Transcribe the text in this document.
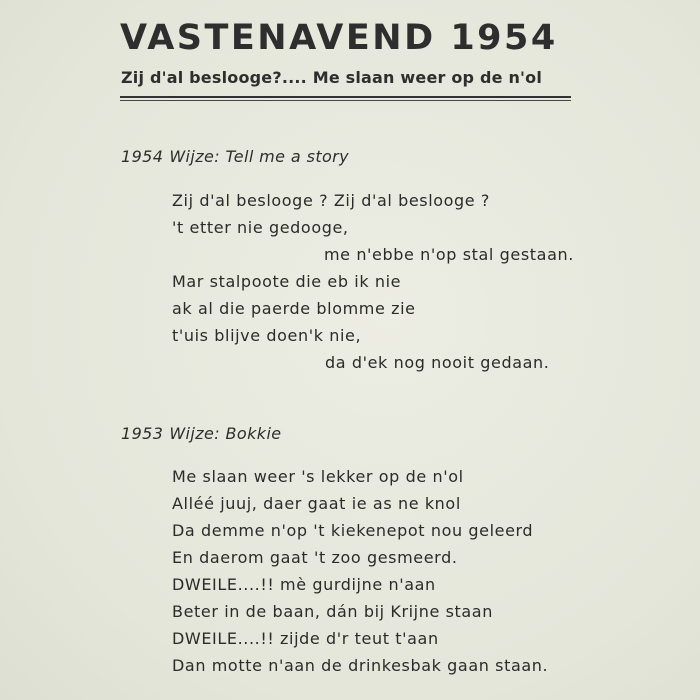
VASTENAVEND 1954
Zij d'al beslooge?.... Me slaan weer op de n'ol
1954 Wijze: Tell me a story
Zij d'al beslooge ? Zij d'al beslooge ?
't etter nie gedooge,
me n'ebbe n'op stal gestaan.
Mar stalpoote die eb ik nie
ak al die paerde blomme zie
t'uis blijve doen'k nie,
da d'ek nog nooit gedaan.
1953 Wijze: Bokkie
Me slaan weer 's lekker op de n'ol
Alléé juuj, daer gaat ie as ne knol
Da demme n'op 't kiekenepot nou geleerd
En daerom gaat 't zoo gesmeerd.
DWEILE....!! mè gurdijne n'aan
Beter in de baan, dán bij Krijne staan
DWEILE....!! zijde d'r teut t'aan
Dan motte n'aan de drinkesbak gaan staan.
